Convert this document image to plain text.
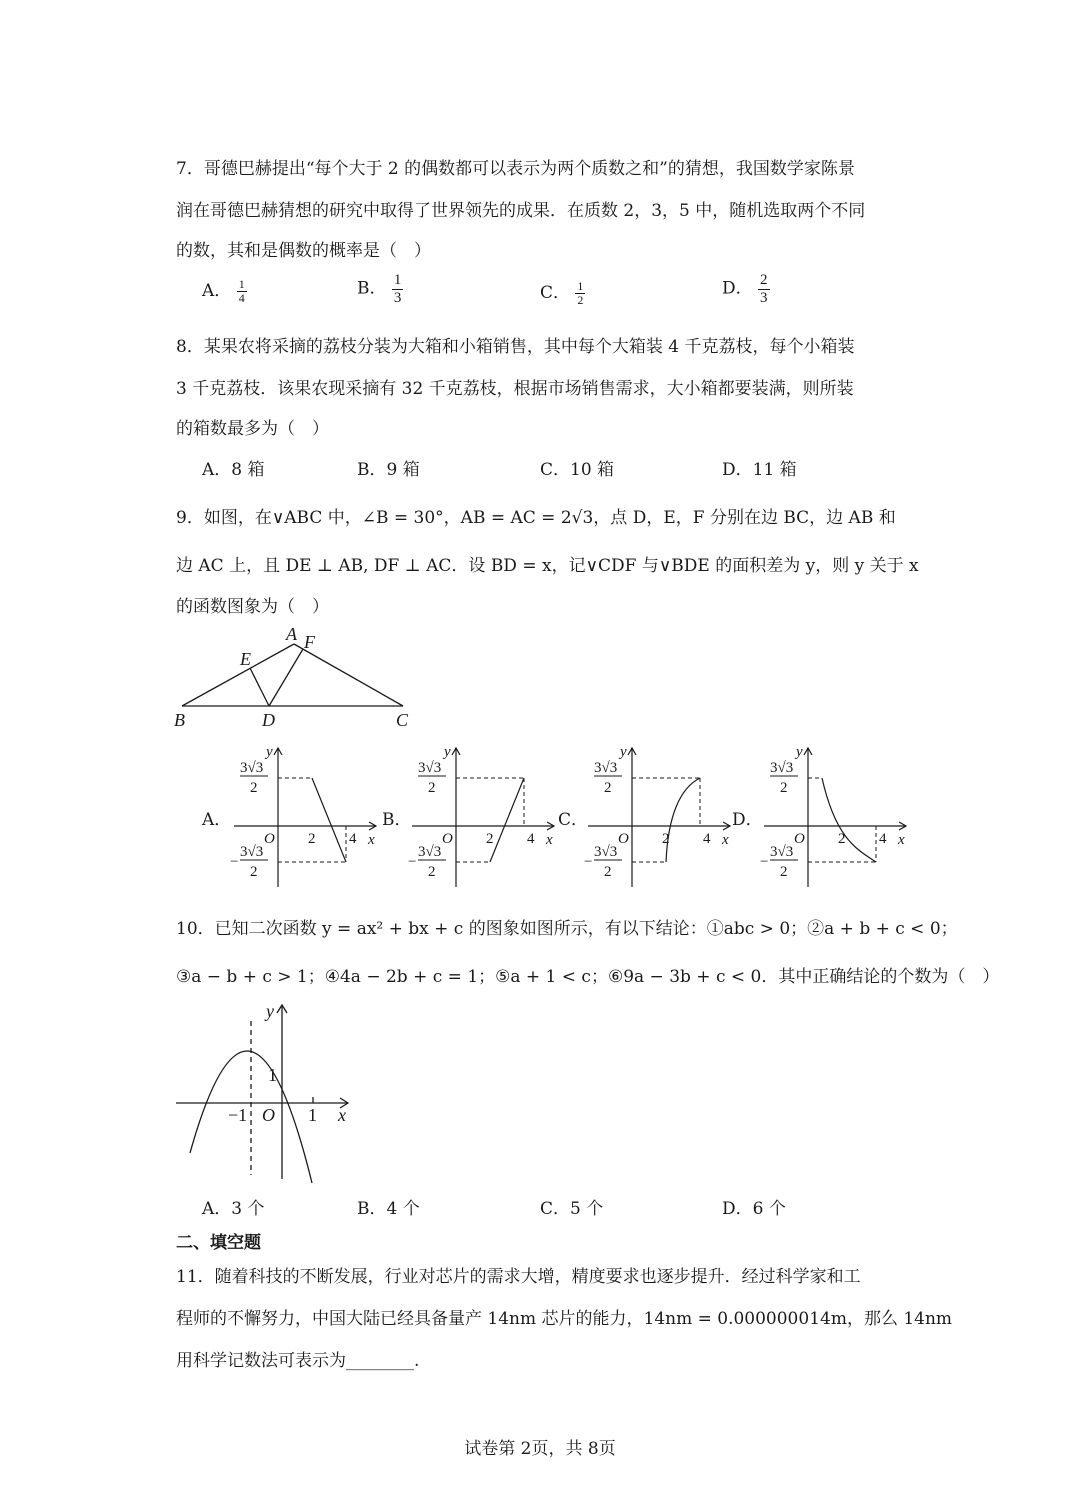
7．哥德巴赫提出“每个大于 2 的偶数都可以表示为两个质数之和”的猜想，我国数学家陈景
润在哥德巴赫猜想的研究中取得了世界领先的成果．在质数 2，3，5 中，随机选取两个不同
的数，其和是偶数的概率是（　）
A． $\frac{1}{4}$	B． $\frac{1}{3}$	C． $\frac{1}{2}$	D． $\frac{2}{3}$
8．某果农将采摘的荔枝分装为大箱和小箱销售，其中每个大箱装 4 千克荔枝，每个小箱装
3 千克荔枝．该果农现采摘有 32 千克荔枝，根据市场销售需求，大小箱都要装满，则所装
的箱数最多为（　）
A．8 箱	B．9 箱	C．10 箱	D．11 箱
9．如图，在∨ABC 中，∠B = 30°，AB = AC = 2√3，点 D，E，F 分别在边 BC，边 AB 和
边 AC 上，且 DE ⊥ AB, DF ⊥ AC．设 BD = x，记∨CDF 与∨BDE 的面积差为 y，则 y 关于 x
的函数图象为（　）
A F
E
B	D	C
A．	B．	C．	D．
y
x
O 2 4
3√3
2
−
3√3
2
y
x
O 2 4
3√3
2
−
3√3
2
y
x
O 2 4
3√3
2
−
3√3
2
y
x
O 2 4
3√3
2
−
3√3
2
10．已知二次函数 y = ax² + bx + c 的图象如图所示，有以下结论：①abc > 0；②a + b + c < 0；
③a − b + c > 1；④4a − 2b + c = 1；⑤a + 1 < c；⑥9a − 3b + c < 0．其中正确结论的个数为（　）
y
x
O
1
−1	1
A．3 个	B．4 个	C．5 个	D．6 个
二、填空题
11．随着科技的不断发展，行业对芯片的需求大增，精度要求也逐步提升．经过科学家和工
程师的不懈努力，中国大陆已经具备量产 14nm 芯片的能力，14nm = 0.000000014m，那么 14nm
用科学记数法可表示为________.
试卷第 2页，共 8页
